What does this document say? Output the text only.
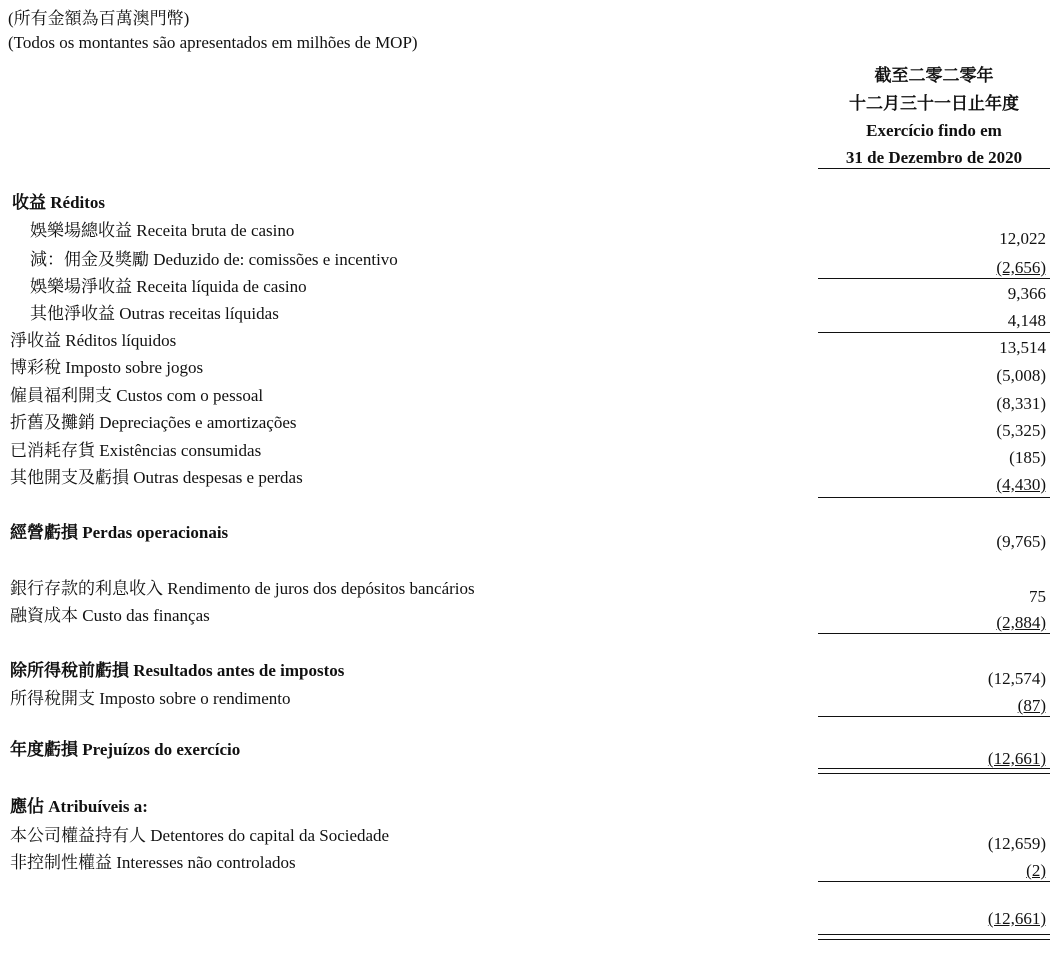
(所有金額為百萬澳門幣)
(Todos os montantes são apresentados em milhões de MOP)
截至二零二零年
十二月三十一日止年度
Exercício findo em
31 de Dezembro de 2020
收益 Réditos
娛樂場總收益 Receita bruta de casino	12,022
減：佣金及獎勵 Deduzido de: comissões e incentivo	(2,656)
娛樂場淨收益 Receita líquida de casino	9,366
其他淨收益 Outras receitas líquidas	4,148
淨收益 Réditos líquidos	13,514
博彩稅 Imposto sobre jogos	(5,008)
僱員福利開支 Custos com o pessoal	(8,331)
折舊及攤銷 Depreciações e amortizações	(5,325)
已消耗存貨 Existências consumidas	(185)
其他開支及虧損 Outras despesas e perdas	(4,430)
經營虧損 Perdas operacionais	(9,765)
銀行存款的利息收入 Rendimento de juros dos depósitos bancários	75
融資成本 Custo das finanças	(2,884)
除所得稅前虧損 Resultados antes de impostos	(12,574)
所得稅開支 Imposto sobre o rendimento	(87)
年度虧損 Prejuízos do exercício	(12,661)
應佔 Atribuíveis a:
本公司權益持有人 Detentores do capital da Sociedade	(12,659)
非控制性權益 Interesses não controlados	(2)
(12,661)
